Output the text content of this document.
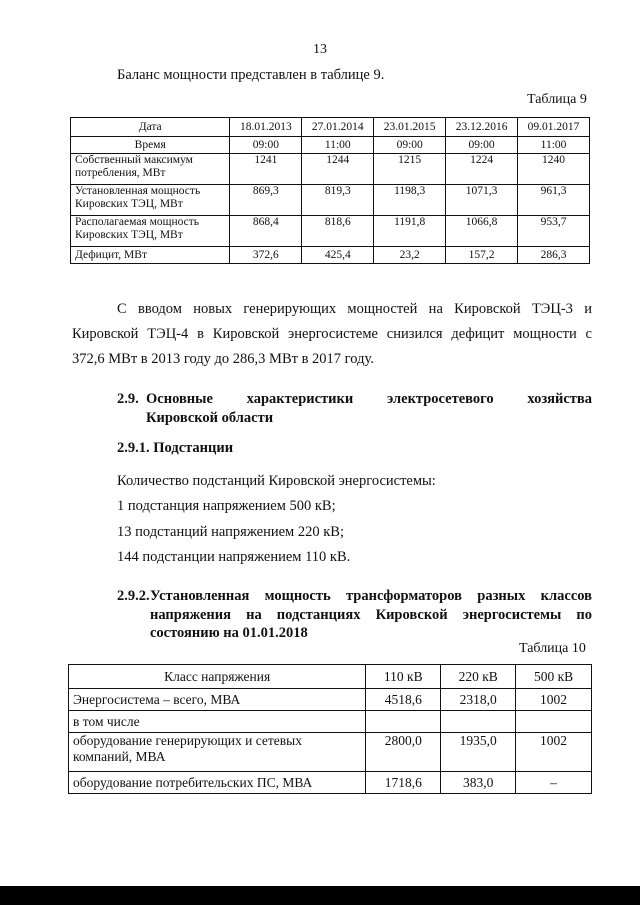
13
Баланс мощности представлен в таблице 9.
Таблица 9
Дата	18.01.2013	27.01.2014	23.01.2015	23.12.2016	09.01.2017
Время	09:00	11:00	09:00	09:00	11:00
Собственный максимум потребления, МВт	1241	1244	1215	1224	1240
Установленная мощность Кировских ТЭЦ, МВт	869,3	819,3	1198,3	1071,3	961,3
Располагаемая мощность Кировских ТЭЦ, МВт	868,4	818,6	1191,8	1066,8	953,7
Дефицит, МВт	372,6	425,4	23,2	157,2	286,3
С вводом новых генерирующих мощностей на Кировской ТЭЦ-3 и
Кировской ТЭЦ-4 в Кировской энергосистеме снизился дефицит мощности с
372,6 МВт в 2013 году до 286,3 МВт в 2017 году.
2.9. Основные характеристики электросетевого хозяйства
Кировской области
2.9.1. Подстанции
Количество подстанций Кировской энергосистемы:
1 подстанция напряжением 500 кВ;
13 подстанций напряжением 220 кВ;
144 подстанции напряжением 110 кВ.
2.9.2. Установленная мощность трансформаторов разных классов
напряжения на подстанциях Кировской энергосистемы по
состоянию на 01.01.2018
Таблица 10
Класс напряжения	110 кВ	220 кВ	500 кВ
Энергосистема – всего, МВА	4518,6	2318,0	1002
в том числе			
оборудование генерирующих и сетевых компаний, МВА	2800,0	1935,0	1002
оборудование потребительских ПС, МВА	1718,6	383,0	–
